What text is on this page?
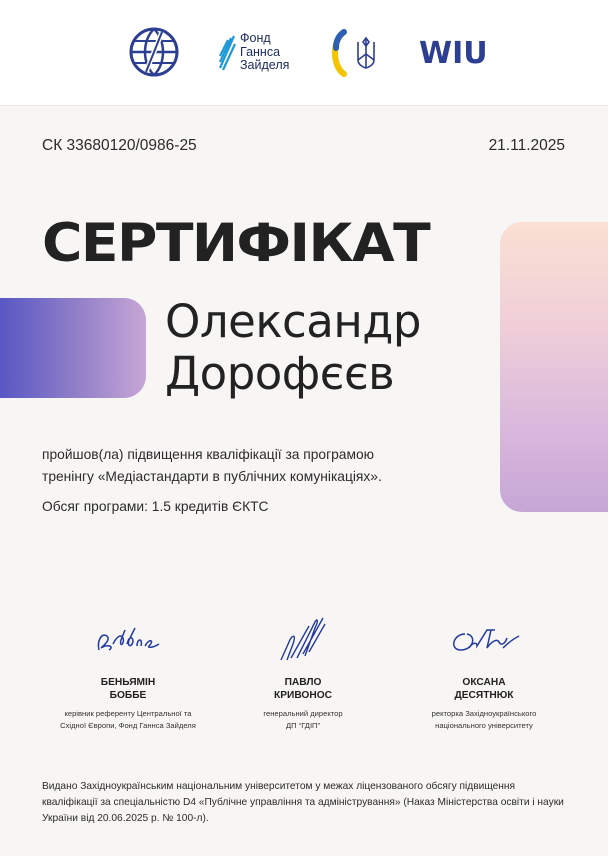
Фонд
Ганнса
Зайделя	WIU
СК 33680120/0986-25	21.11.2025
СЕРТИФІКАТ
Олександр
Дорофєєв
пройшов(ла) підвищення кваліфікації за програмою
тренінгу «Медіастандарти в публічних комунікаціях».
Обсяг програми: 1.5 кредитів ЄКТС
БЕНЬЯМІН
БОББЕ
керівник референту Центральної та
Східної Європи, Фонд Ганнса Зайделя
ПАВЛО
КРИВОНОС
генеральний директор
ДП “ГДІП”
ОКСАНА
ДЕСЯТНЮК
ректорка Західноукраїнського
національного університету
Видано Західноукраїнським національним університетом у межах ліцензованого обсягу підвищення кваліфікації за спеціальністю D4 «Публічне управління та адміністрування» (Наказ Міністерства освіти і науки України від 20.06.2025 р. № 100-л).
